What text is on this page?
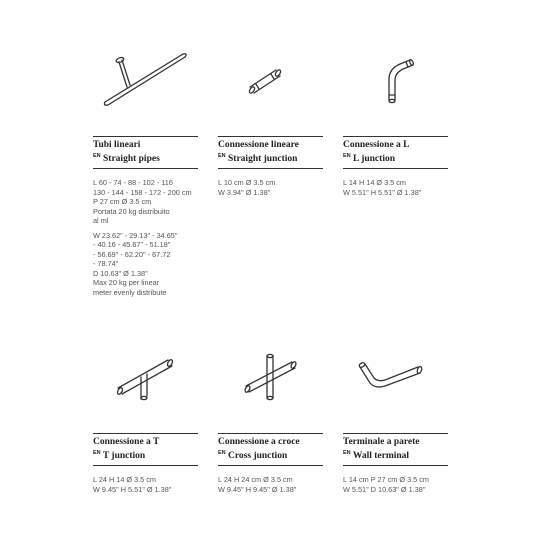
Tubi lineari
$^{EN}$ Straight pipes
L 60 - 74 - 88 - 102 - 116
130 - 144 - 158 - 172 - 200 cm
P 27 cm Ø 3.5 cm
Portata 20 kg distribuito
al ml
W 23.62" - 29.13" - 34.65"
- 40.16 - 45.67" - 51.18"
- 56.69" - 62.20" - 67.72
- 78.74"
D 10.63" Ø 1.38"
Max 20 kg per linear
meter evenly distribute
Connessione lineare
$^{EN}$ Straight junction
L 10 cm Ø 3.5 cm
W 3.94" Ø 1.38"
Connessione a L
$^{EN}$ L junction
L 14 H 14 Ø 3.5 cm
W 5.51" H 5.51" Ø 1.38"
Connessione a T
$^{EN}$ T junction
L 24 H 14 Ø 3.5 cm
W 9.45" H 5.51" Ø 1.38"
Connessione a croce
$^{EN}$ Cross junction
L 24 H 24 cm Ø 3.5 cm
W 9.45" H 9.45" Ø 1.38"
Terminale a parete
$^{EN}$ Wall terminal
L 14 cm P 27 cm Ø 3.5 cm
W 5.51" D 10.63" Ø 1.38"
